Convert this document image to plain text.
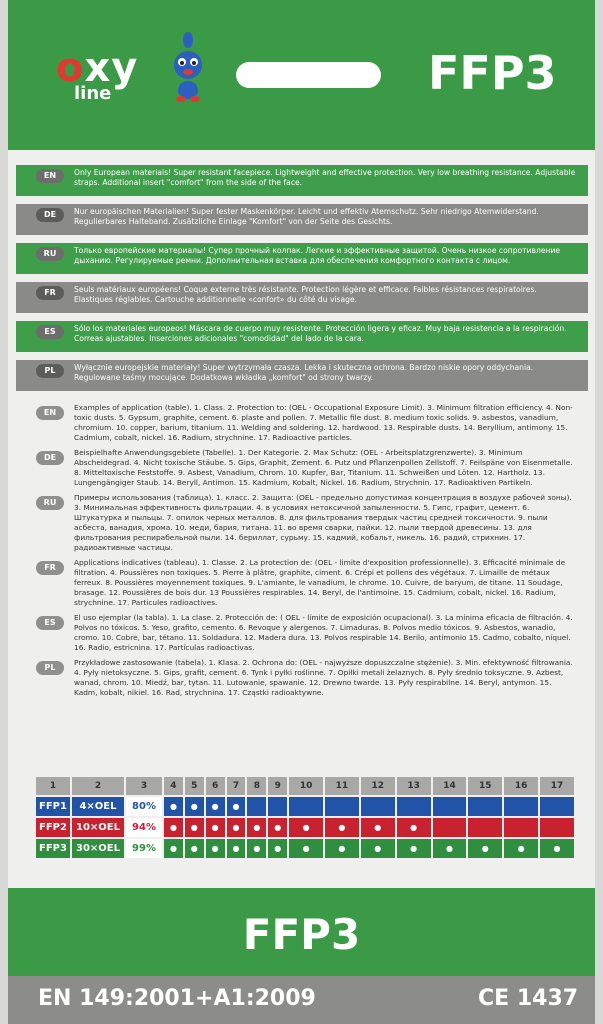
oxy
line	FFP3
EN	Only European materials! Super resistant facepiece. Lightweight and effective protection. Very low breathing resistance. Adjustable straps. Additional insert "comfort" from the side of the face.
DE	Nur europäischen Materialien! Super fester Maskenkörper. Leicht und effektiv Atemschutz. Sehr niedrigo Atemwiderstand. Regulierbares Halteband. Zusätzliche Einlage "Komfort" von der Seite des Gesichts.
RU	Только европейские материалы! Супер прочный колпак. Легкие и эффективные защитой. Очень низкое сопротивление дыханию. Регулируемые ремни. Дополнительная вставка для обеспечения комфортного контакта с лицом.
FR	Seuls matériaux européens! Coque externe très résistante. Protection légère et efficace. Faibles résistances respiratoires. Elastiques réglables. Cartouche additionnelle «confort» du côté du visage.
ES	Sólo los materiales europeos! Máscara de cuerpo muy resistente. Protección ligera y eficaz. Muy baja resistencia a la respiración. Correas ajustables. Inserciones adicionales "comodidad" del lado de la cara.
PL	Wyłącznie europejskie materiały! Super wytrzymała czasza. Lekka i skuteczna ochrona. Bardzo niskie opory oddychania. Regulowane taśmy mocujące. Dodatkowa wkładka „komfort" od strony twarzy.
EN
Examples of application (table). 1. Class. 2. Protection to: (OEL - Occupational Exposure Limit). 3. Minimum filtration efficiency. 4. Non-toxic dusts. 5. Gypsum, graphite, cement. 6. plaste and pollen. 7. Metallic file dust. 8. medium toxic solids. 9. asbestos, vanadium, chromium. 10. copper, barium, titanium. 11. Welding and soldering. 12. hardwood. 13. Respirable dusts. 14. Beryllium, antimony. 15. Cadmium, cobalt, nickel. 16. Radium, strychnine. 17. Radioactive particles.
DE
Beispielhafte Anwendungsgebiete (Tabelle). 1. Der Kategorie. 2. Max Schutz: (OEL - Arbeitsplatzgrenzwerte). 3. Minimum Abscheidegrad. 4. Nicht toxische Stäube. 5. Gips, Graphit, Zement. 6. Putz und Pflanzenpollen Zellstoff. 7. Feilspäne von Eisenmetalle. 8. Mitteltoxische Feststoffe. 9. Asbest, Vanadium, Chrom. 10. Kupfer, Bar, Titanium. 11. Schweißen und Löten. 12. Hartholz. 13. Lungengängiger Staub. 14. Beryll, Antimon. 15. Kadmium, Kobalt, Nickel. 16. Radium, Strychnin. 17. Radioaktiven Partikeln.
RU
Примеры использования (таблица). 1. класс. 2. Защита: (OEL - предельно допустимая концентрация в воздухе рабочей зоны). 3. Минимальная эффективность фильтрации. 4. в условиях нетоксичной запыленности. 5. Гипс, графит, цемент. 6. Штукатурка и пыльцы. 7. опилок черных металлов. 8. для фильтрования твердых частиц средней токсичности. 9. пыли асбеста, ванадия, хрома. 10. меди, бария, титана. 11. во время сварки, пайки. 12. пыли твердой древесины. 13. для фильтрования респирабельной пыли. 14. бериллат, сурьму. 15. кадмий, кобальт, никель. 16. радий, стрихнин. 17. радиоактивные частицы.
FR
Applications indicatives (tableau). 1. Classe. 2. La protection de: (OEL - limite d'exposition professionnelle). 3. Efficacité minimale de filtration. 4. Poussières non toxiques. 5. Pierre à plâtre, graphite, ciment. 6. Crépi et pollens des végétaux. 7. Limaille de métaux ferreux. 8. Poussières moyennement toxiques. 9. L'amiante, le vanadium, le chrome. 10. Cuivre, de baryum, de titane. 11 Soudage, brasage. 12. Poussières de bois dur. 13 Poussières respirables. 14. Beryl, de l'antimoine. 15. Cadmium, cobalt, nickel. 16. Radium, strychnine. 17. Particules radioactives.
ES
El uso ejemplar (la tabla). 1. La clase. 2. Protección de: ( OEL - límite de exposición ocupacional). 3. La mínima eficacia de filtración. 4. Polvos no tóxicos. 5. Yeso, grafito, cemento. 6. Revoque y alergenos. 7. Limaduras. 8. Polvos medio tóxicos. 9. Asbestos, wanadio, cromo. 10. Cobre, bar, tétano. 11. Soldadura. 12. Madera dura. 13. Polvos respirable 14. Berilo, antimonio 15. Cadmo, cobalto, níquel. 16. Radio, estricnina. 17. Partículas radioactivas.
PL
Przykładowe zastosowanie (tabela). 1. Klasa. 2. Ochrona do: (OEL - najwyższe dopuszczalne stężenie). 3. Min. efektywność filtrowania. 4. Pyły nietoksyczne. 5. Gips, grafit, cement. 6. Tynk i pyłki roślinne. 7. Opiłki metali żelaznych. 8. Pyły średnio toksyczne. 9. Azbest, wanad, chrom. 10. Miedź, bar, tytan. 11. Lutowanie, spawanie. 12. Drewno twarde. 13. Pyły respirabilne. 14. Beryl, antymon. 15. Kadm, kobalt, nikiel. 16. Rad, strychnina. 17. Cząstki radioaktywne.
1	2	3	4	5	6	7	8	9	10	11	12	13	14	15	16	17
FFP1	4×OEL	80%	●	●	●	●										
FFP2	10×OEL	94%	●	●	●	●	●	●	●	●	●	●				
FFP3	30×OEL	99%	●	●	●	●	●	●	●	●	●	●	●	●	●	●
FFP3
EN 149:2001+A1:2009	CE 1437
